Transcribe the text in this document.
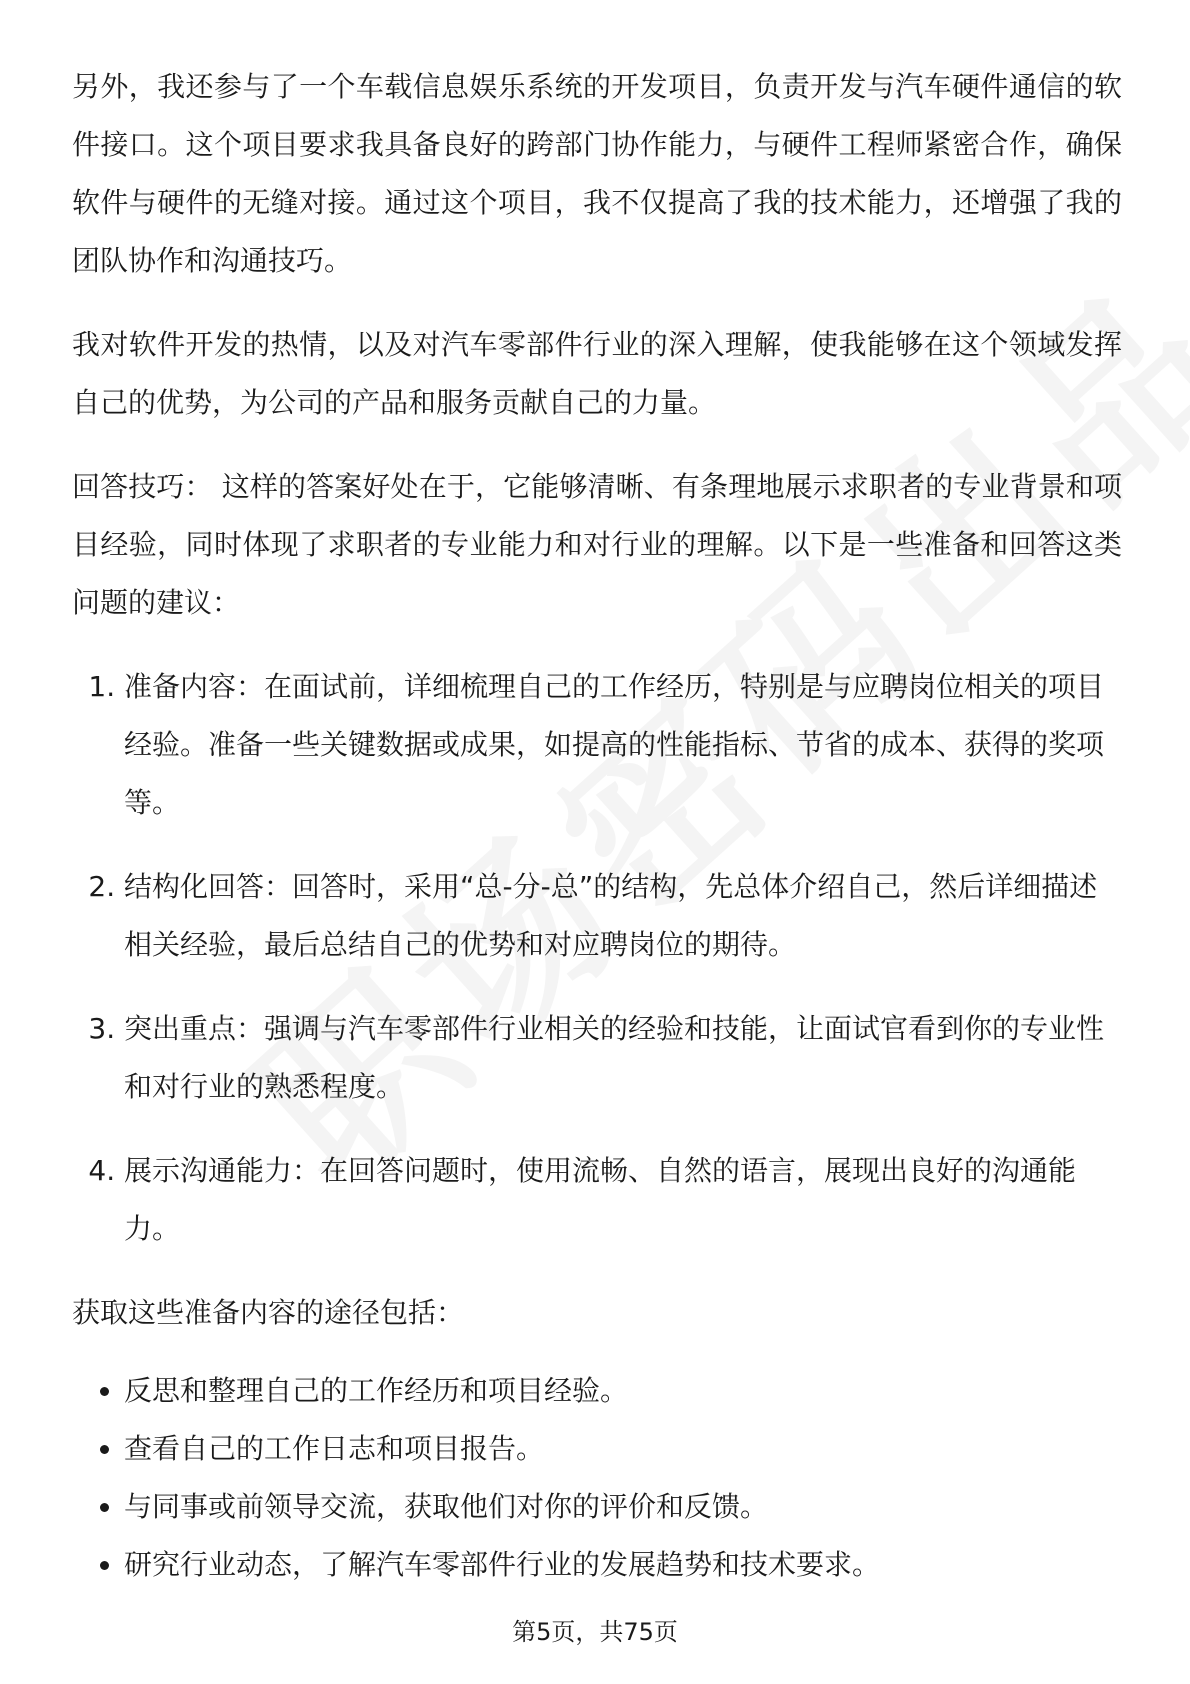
另外，我还参与了一个车载信息娱乐系统的开发项目，负责开发与汽车硬件通信的软件接口。这个项目要求我具备良好的跨部门协作能力，与硬件工程师紧密合作，确保软件与硬件的无缝对接。通过这个项目，我不仅提高了我的技术能力，还增强了我的团队协作和沟通技巧。

我对软件开发的热情，以及对汽车零部件行业的深入理解，使我能够在这个领域发挥自己的优势，为公司的产品和服务贡献自己的力量。

回答技巧： 这样的答案好处在于，它能够清晰、有条理地展示求职者的专业背景和项目经验，同时体现了求职者的专业能力和对行业的理解。以下是一些准备和回答这类问题的建议：

1. 准备内容：在面试前，详细梳理自己的工作经历，特别是与应聘岗位相关的项目经验。准备一些关键数据或成果，如提高的性能指标、节省的成本、获得的奖项等。
2. 结构化回答：回答时，采用“总-分-总”的结构，先总体介绍自己，然后详细描述相关经验，最后总结自己的优势和对应聘岗位的期待。
3. 突出重点：强调与汽车零部件行业相关的经验和技能，让面试官看到你的专业性和对行业的熟悉程度。
4. 展示沟通能力：在回答问题时，使用流畅、自然的语言，展现出良好的沟通能力。

获取这些准备内容的途径包括：

• 反思和整理自己的工作经历和项目经验。
• 查看自己的工作日志和项目报告。
• 与同事或前领导交流，获取他们对你的评价和反馈。
• 研究行业动态，了解汽车零部件行业的发展趋势和技术要求。
第5页，共75页
